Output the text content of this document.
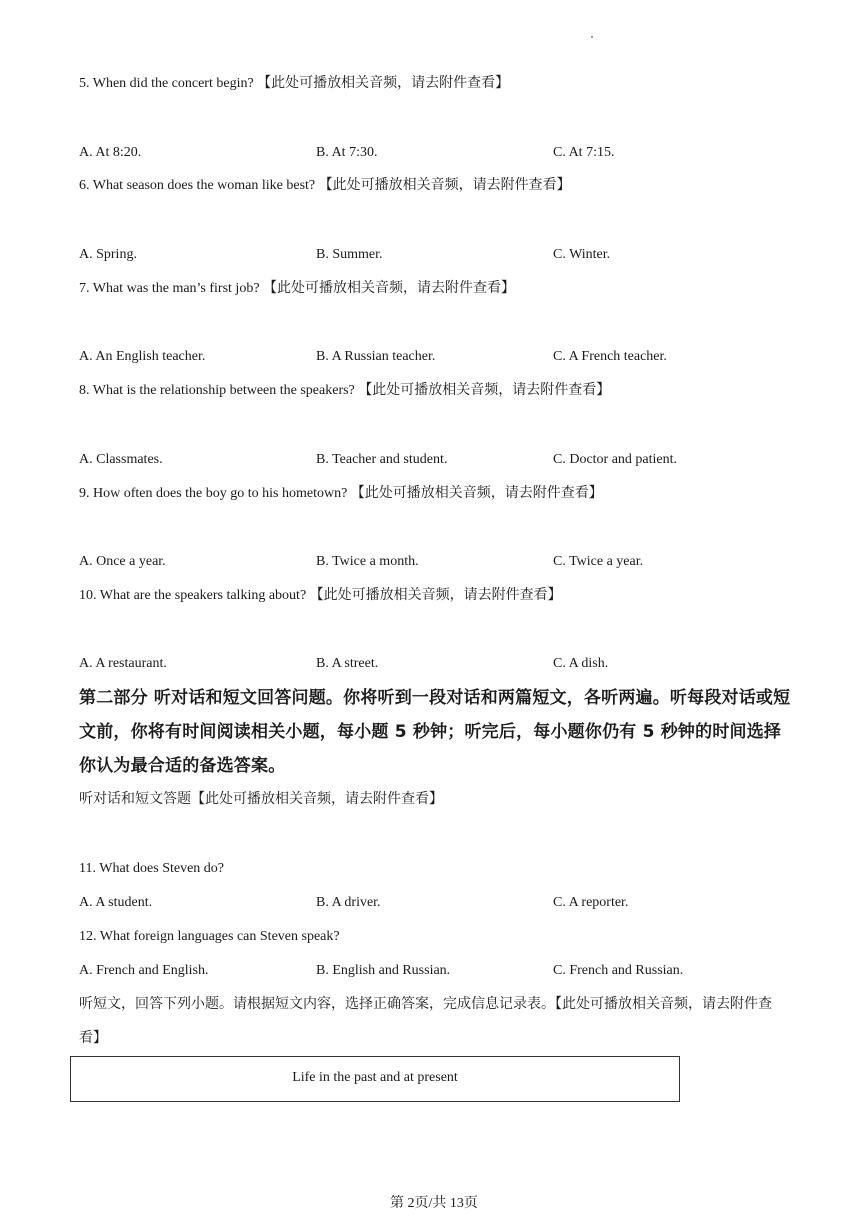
5. When did the concert begin? 【此处可播放相关音频，请去附件查看】
A. At 8:20.	B. At 7:30.	C. At 7:15.
6. What season does the woman like best? 【此处可播放相关音频，请去附件查看】
A. Spring.	B. Summer.	C. Winter.
7. What was the man’s first job? 【此处可播放相关音频，请去附件查看】
A. An English teacher.	B. A Russian teacher.	C. A French teacher.
8. What is the relationship between the speakers? 【此处可播放相关音频，请去附件查看】
A. Classmates.	B. Teacher and student.	C. Doctor and patient.
9. How often does the boy go to his hometown? 【此处可播放相关音频，请去附件查看】
A. Once a year.	B. Twice a month.	C. Twice a year.
10. What are the speakers talking about? 【此处可播放相关音频，请去附件查看】
A. A restaurant.	B. A street.	C. A dish.
第二部分 听对话和短文回答问题。你将听到一段对话和两篇短文，各听两遍。听每段对话或短文前，你将有时间阅读相关小题，每小题 5 秒钟；听完后，每小题你仍有 5 秒钟的时间选择你认为最合适的备选答案。
听对话和短文答题【此处可播放相关音频，请去附件查看】
11. What does Steven do?
A. A student.	B. A driver.	C. A reporter.
12. What foreign languages can Steven speak?
A. French and English.	B. English and Russian.	C. French and Russian.
听短文，回答下列小题。请根据短文内容，选择正确答案，完成信息记录表。【此处可播放相关音频，请去附件查看】
Life in the past and at present
第 2页/共 13页
